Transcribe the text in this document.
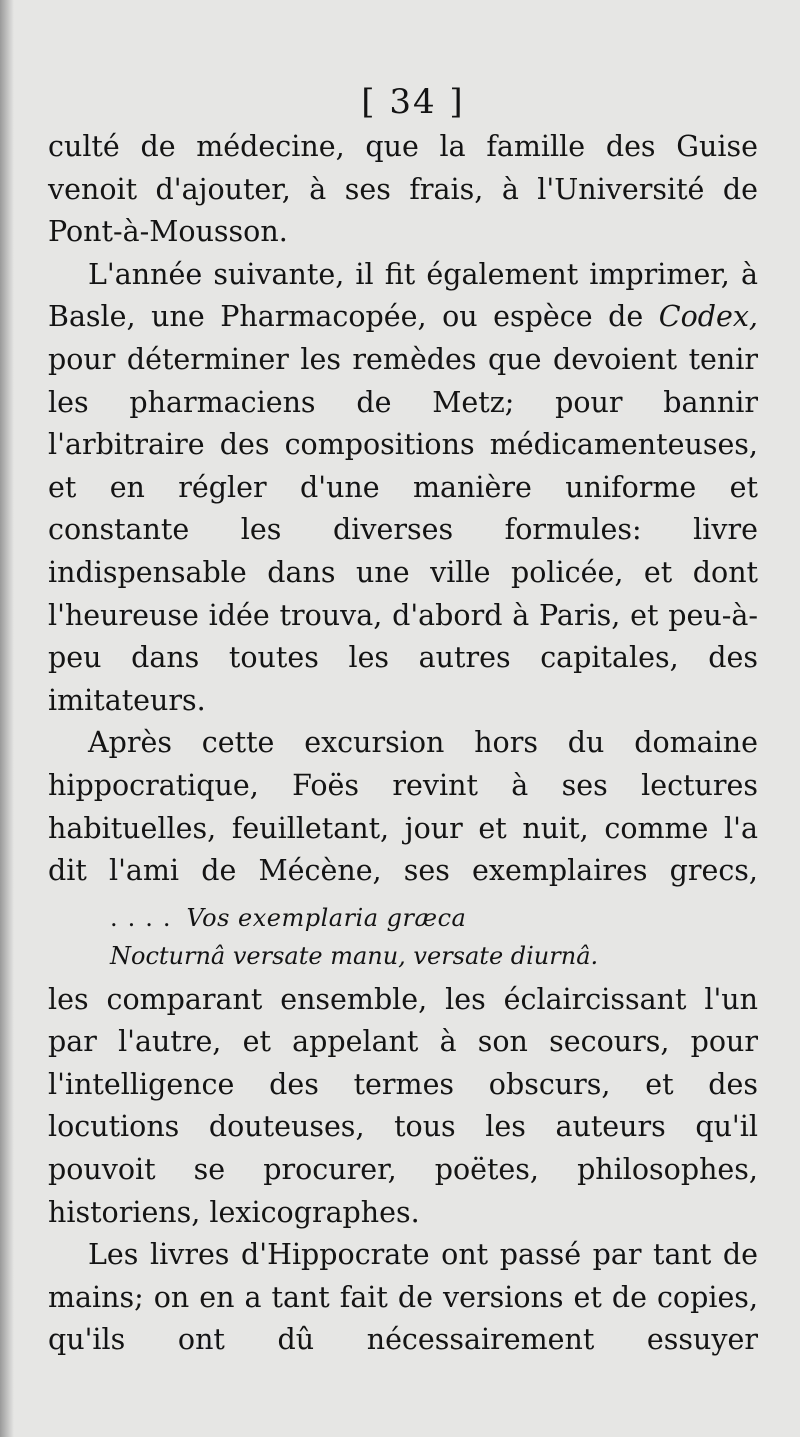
[ 34 ]

culté de médecine, que la famille des Guise venoit d'ajouter, à ses frais, à l'Université de Pont-à-Mousson.

L'année suivante, il fit également imprimer, à Basle, une Pharmacopée, ou espèce de Codex, pour déterminer les remèdes que devoient tenir les pharmaciens de Metz; pour bannir l'arbitraire des compositions médicamenteuses, et en régler d'une manière uniforme et constante les diverses formules: livre indispensable dans une ville policée, et dont l'heureuse idée trouva, d'abord à Paris, et peu-à-peu dans toutes les autres capitales, des imitateurs.

Après cette excursion hors du domaine hippocratique, Foës revint à ses lectures habituelles, feuilletant, jour et nuit, comme l'a dit l'ami de Mécène, ses exemplaires grecs,

.... Vos exemplaria græca
Nocturnâ versate manu, versate diurnâ.

les comparant ensemble, les éclaircissant l'un par l'autre, et appelant à son secours, pour l'intelligence des termes obscurs, et des locutions douteuses, tous les auteurs qu'il pouvoit se procurer, poëtes, philosophes, historiens, lexicographes.

Les livres d'Hippocrate ont passé par tant de mains; on en a tant fait de versions et de copies, qu'ils ont dû nécessairement essuyer
